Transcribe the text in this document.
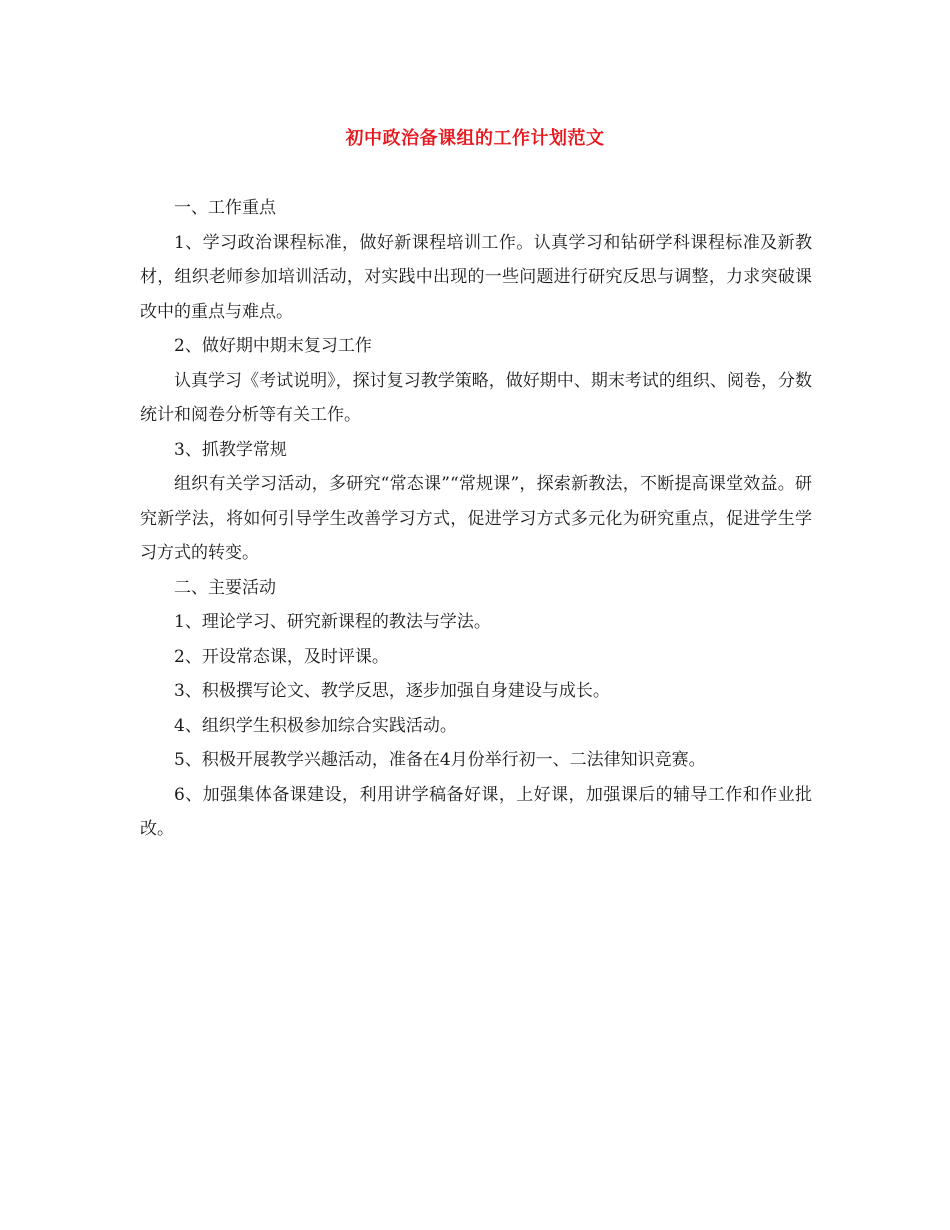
初中政治备课组的工作计划范文

一、工作重点

1、学习政治课程标准，做好新课程培训工作。认真学习和钻研学科课程标准及新教材，组织老师参加培训活动，对实践中出现的一些问题进行研究反思与调整，力求突破课改中的重点与难点。

2、做好期中期末复习工作

认真学习《考试说明》，探讨复习教学策略，做好期中、期末考试的组织、阅卷，分数统计和阅卷分析等有关工作。

3、抓教学常规

组织有关学习活动，多研究“常态课”“常规课”，探索新教法，不断提高课堂效益。研究新学法，将如何引导学生改善学习方式，促进学习方式多元化为研究重点，促进学生学习方式的转变。

二、主要活动

1、理论学习、研究新课程的教法与学法。

2、开设常态课，及时评课。

3、积极撰写论文、教学反思，逐步加强自身建设与成长。

4、组织学生积极参加综合实践活动。

5、积极开展教学兴趣活动，准备在4月份举行初一、二法律知识竞赛。

6、加强集体备课建设，利用讲学稿备好课，上好课，加强课后的辅导工作和作业批改。
